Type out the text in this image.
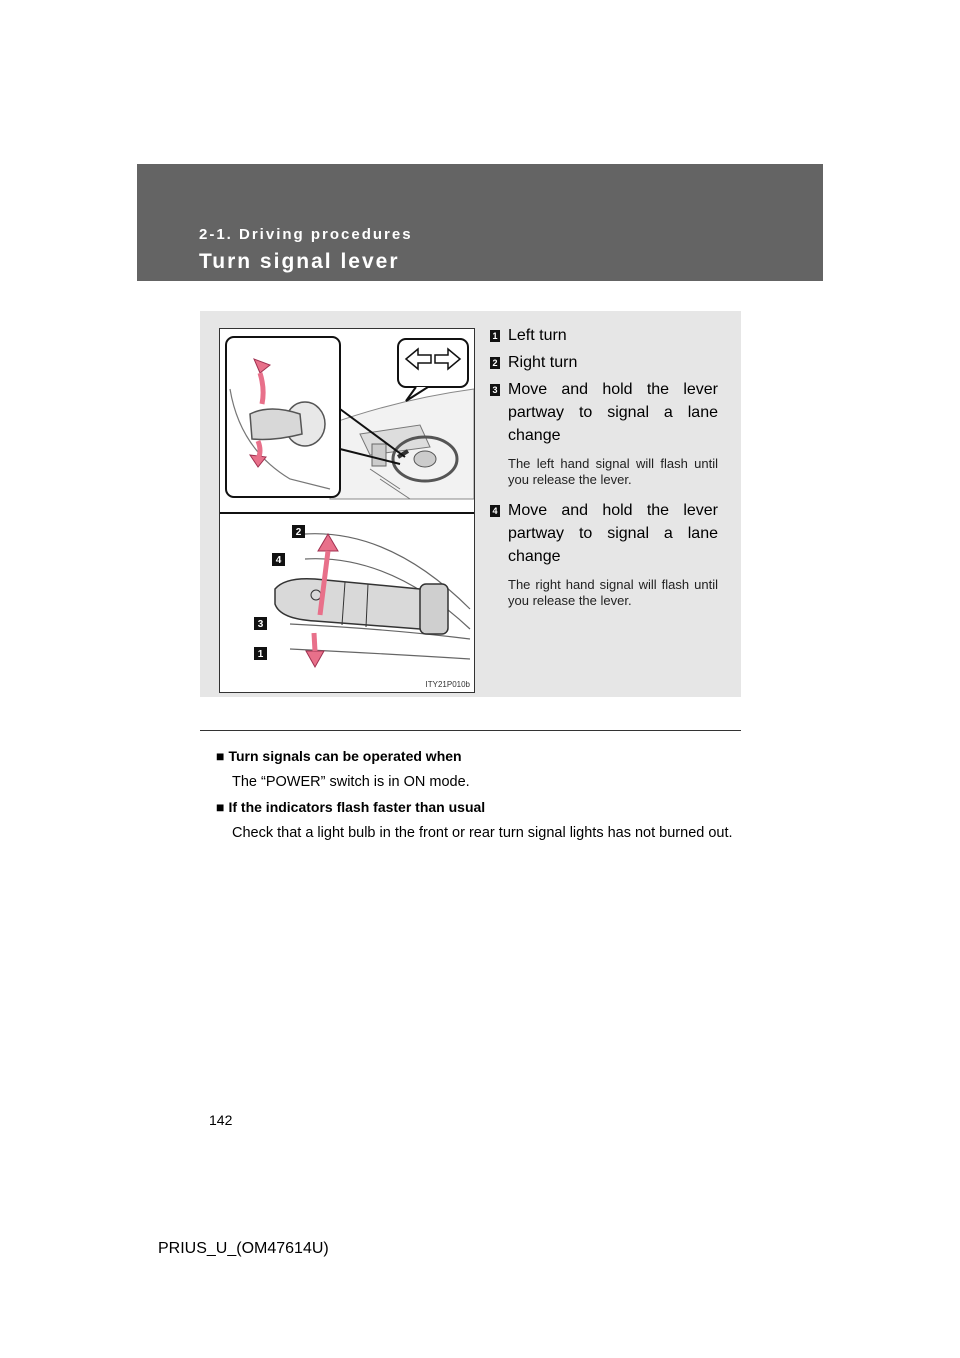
2-1. Driving procedures
Turn signal lever
2
4
3
1
ITY21P010b
1 Left turn
2 Right turn
3 Move and hold the lever partway to signal a lane change
The left hand signal will flash until you release the lever.
4 Move and hold the lever partway to signal a lane change
The right hand signal will flash until you release the lever.
■ Turn signals can be operated when
The “POWER” switch is in ON mode.
■ If the indicators flash faster than usual
Check that a light bulb in the front or rear turn signal lights has not burned out.
142
PRIUS_U_(OM47614U)
